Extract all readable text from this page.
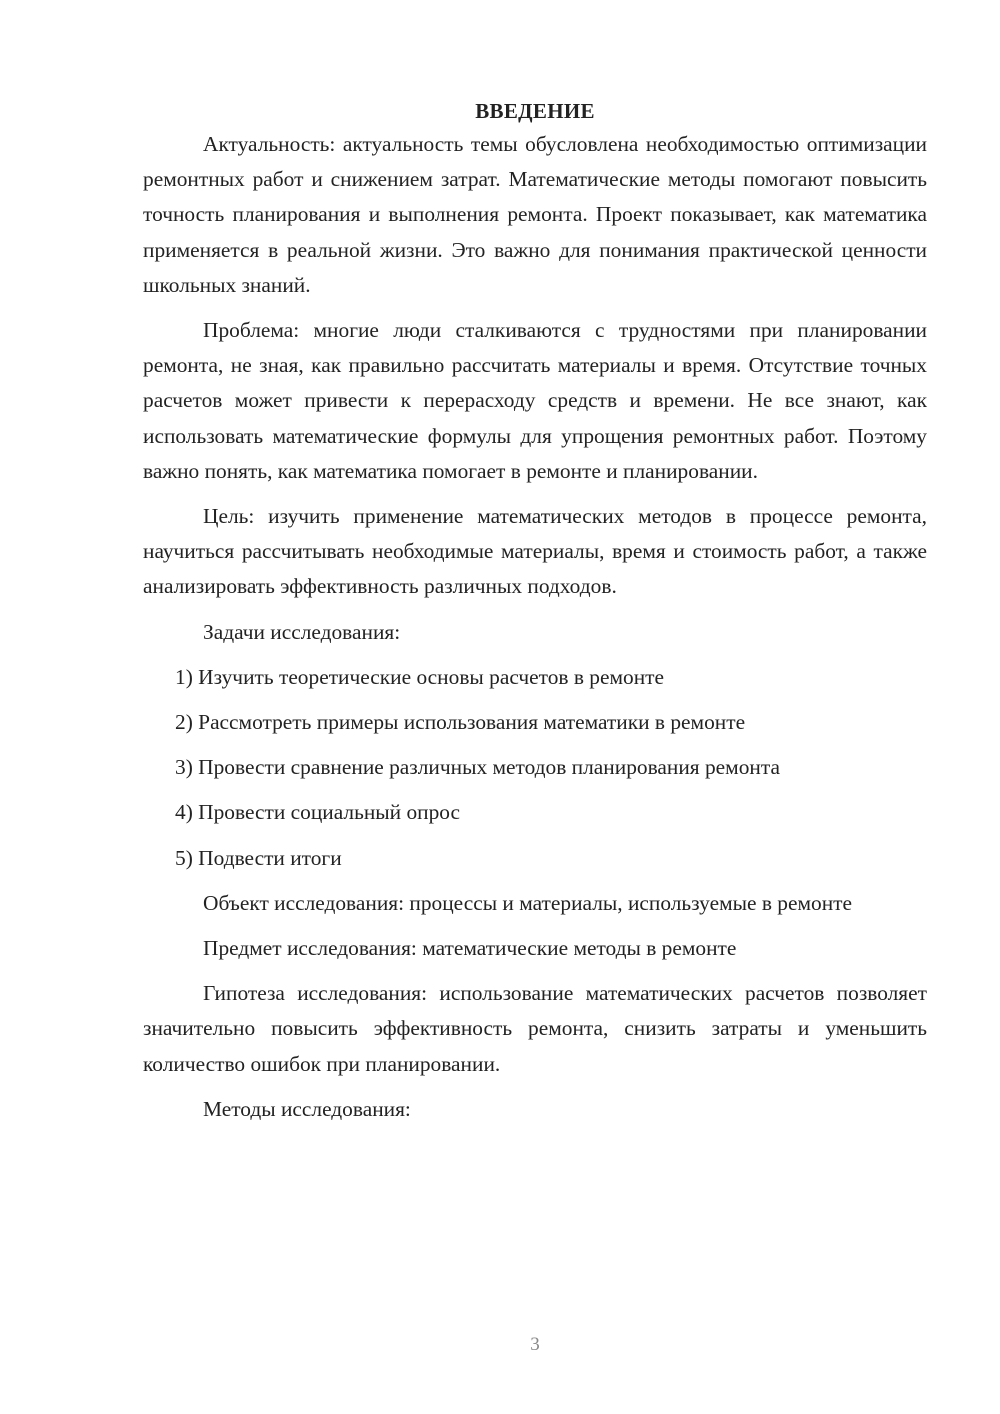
ВВЕДЕНИЕ

Актуальность: актуальность темы обусловлена необходимостью оптимизации ремонтных работ и снижением затрат. Математические методы помогают повысить точность планирования и выполнения ремонта. Проект показывает, как математика применяется в реальной жизни. Это важно для понимания практической ценности школьных знаний.

Проблема: многие люди сталкиваются с трудностями при планировании ремонта, не зная, как правильно рассчитать материалы и время. Отсутствие точных расчетов может привести к перерасходу средств и времени. Не все знают, как использовать математические формулы для упрощения ремонтных работ. Поэтому важно понять, как математика помогает в ремонте и планировании.

Цель: изучить применение математических методов в процессе ремонта, научиться рассчитывать необходимые материалы, время и стоимость работ, а также анализировать эффективность различных подходов.

Задачи исследования:

1) Изучить теоретические основы расчетов в ремонте

2) Рассмотреть примеры использования математики в ремонте

3) Провести сравнение различных методов планирования ремонта

4) Провести социальный опрос

5) Подвести итоги

Объект исследования: процессы и материалы, используемые в ремонте

Предмет исследования: математические методы в ремонте

Гипотеза исследования: использование математических расчетов позволяет значительно повысить эффективность ремонта, снизить затраты и уменьшить количество ошибок при планировании.

Методы исследования:

3
